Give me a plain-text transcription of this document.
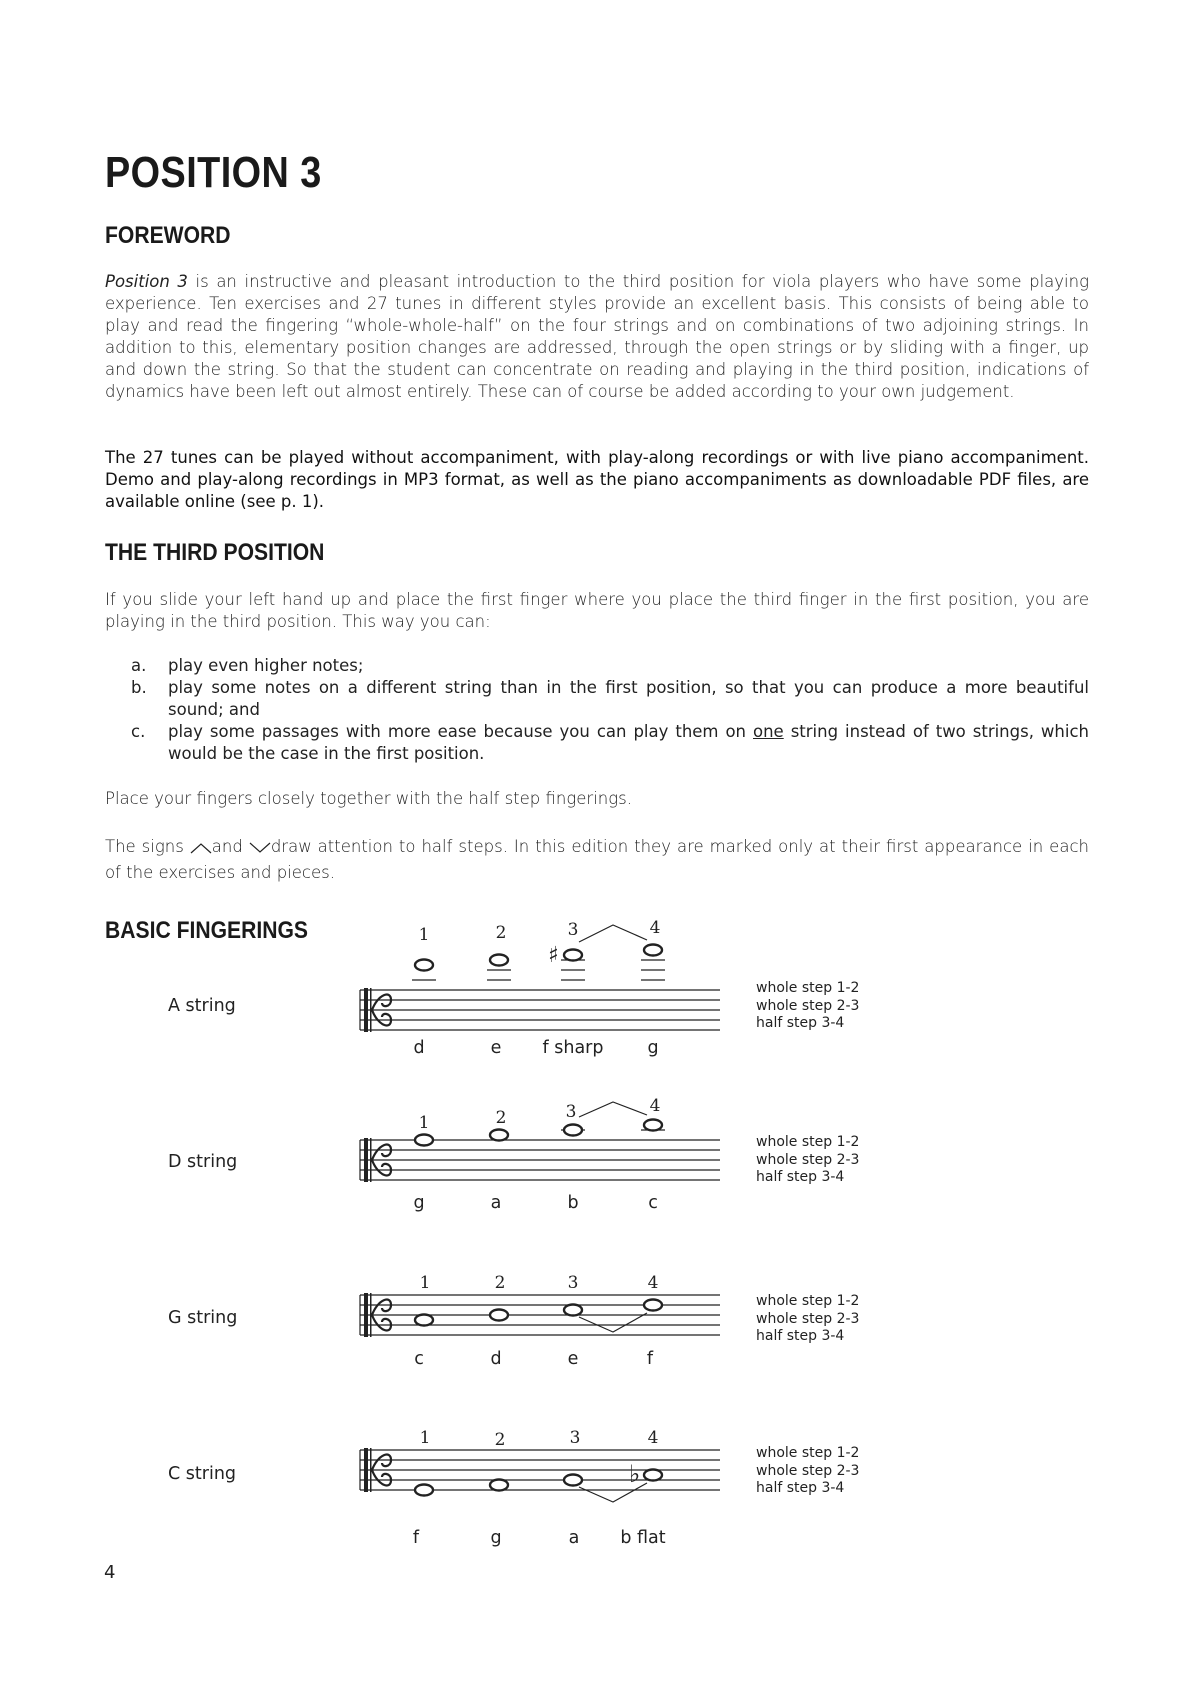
POSITION 3
FOREWORD

Position 3 is an instructive and pleasant introduction to the third position for viola players who have some playing experience. Ten exercises and 27 tunes in different styles provide an excellent basis. This consists of being able to play and read the fingering “whole-whole-half” on the four strings and on combinations of two adjoining strings. In addition to this, elementary position changes are addressed, through the open strings or by sliding with a finger, up and down the string. So that the student can concentrate on reading and playing in the third position, indications of dynamics have been left out almost entirely. These can of course be added according to your own judgement.

The 27 tunes can be played without accompaniment, with play-along recordings or with live piano accompaniment. Demo and play-along recordings in MP3 format, as well as the piano accompaniments as downloadable PDF files, are available online (see p. 1).

THE THIRD POSITION

If you slide your left hand up and place the first finger where you place the third finger in the first position, you are playing in the third position. This way you can:

a. play even higher notes;
b. play some notes on a different string than in the first position, so that you can produce a more beautiful sound; and
c. play some passages with more ease because you can play them on one string instead of two strings, which would be the case in the first position.

Place your fingers closely together with the half step fingerings.

The signs and draw attention to half steps. In this edition they are marked only at their first appearance in each of the exercises and pieces.

BASIC FINGERINGS
A string
♯
1	2	3	4
d	e f sharp	g
whole step 1-2
whole step 2-3
half step 3-4
D string
1	2	3	4
g	a	b	c
whole step 1-2
whole step 2-3
half step 3-4
G string
1	2	3	4
c	d	e	f
whole step 1-2
whole step 2-3
half step 3-4
C string	♭
1	2	3	4
f	g	a b flat
whole step 1-2
whole step 2-3
half step 3-4
4
